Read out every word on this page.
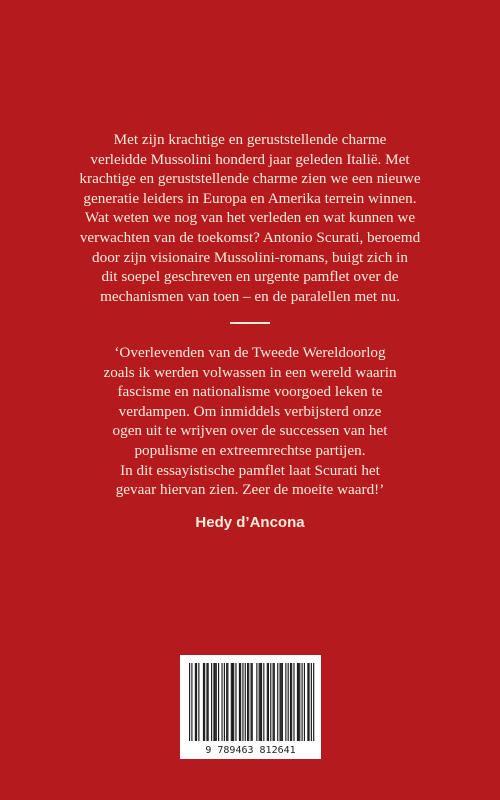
Met zijn krachtige en geruststellende charme
verleidde Mussolini honderd jaar geleden Italië. Met
krachtige en geruststellende charme zien we een nieuwe
generatie leiders in Europa en Amerika terrein winnen.
Wat weten we nog van het verleden en wat kunnen we
verwachten van de toekomst? Antonio Scurati, beroemd
door zijn visionaire Mussolini-romans, buigt zich in
dit soepel geschreven en urgente pamflet over de
mechanismen van toen – en de paralellen met nu.
‘Overlevenden van de Tweede Wereldoorlog
zoals ik werden volwassen in een wereld waarin
fascisme en nationalisme voorgoed leken te
verdampen. Om inmiddels verbijsterd onze
ogen uit te wrijven over de successen van het
populisme en extreemrechtse partijen.
In dit essayistische pamflet laat Scurati het
gevaar hiervan zien. Zeer de moeite waard!’
Hedy d’Ancona
9 789463 812641
